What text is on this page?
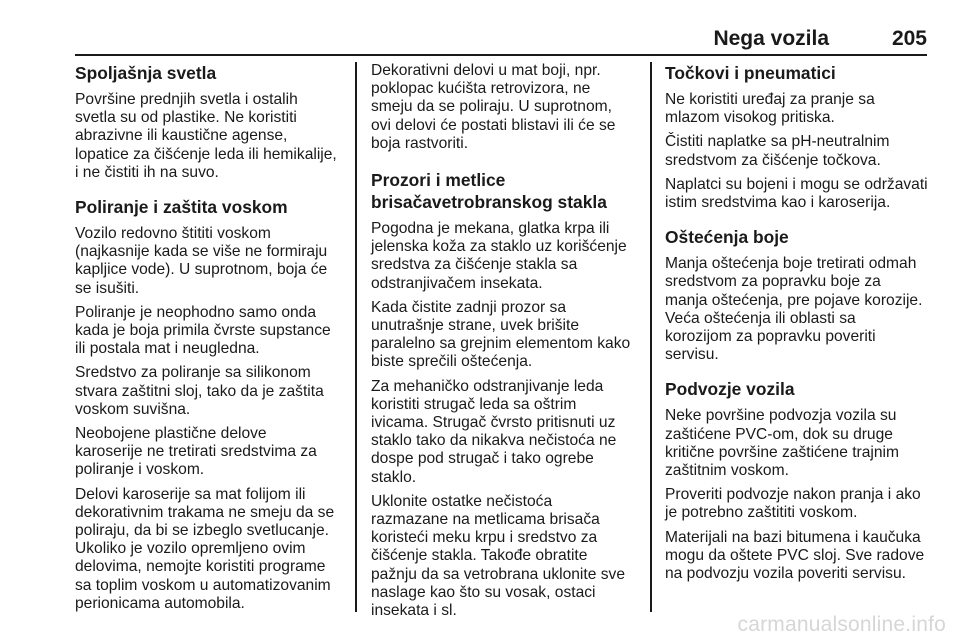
Nega vozila	205
Spoljašnja svetla
Površine prednjih svetla i ostalih
svetla su od plastike. Ne koristiti
abrazivne ili kaustične agense,
lopatice za čišćenje leda ili hemikalije,
i ne čistiti ih na suvo.
Poliranje i zaštita voskom
Vozilo redovno štititi voskom
(najkasnije kada se više ne formiraju
kapljice vode). U suprotnom, boja će
se isušiti.
Poliranje je neophodno samo onda
kada je boja primila čvrste supstance
ili postala mat i neugledna.
Sredstvo za poliranje sa silikonom
stvara zaštitni sloj, tako da je zaštita
voskom suvišna.
Neobojene plastične delove
karoserije ne tretirati sredstvima za
poliranje i voskom.
Delovi karoserije sa mat folijom ili
dekorativnim trakama ne smeju da se
poliraju, da bi se izbeglo svetlucanje.
Ukoliko je vozilo opremljeno ovim
delovima, nemojte koristiti programe
sa toplim voskom u automatizovanim
perionicama automobila.
Dekorativni delovi u mat boji, npr.
poklopac kućišta retrovizora, ne
smeju da se poliraju. U suprotnom,
ovi delovi će postati blistavi ili će se
boja rastvoriti.
Prozori i metlice brisačavetrobranskog stakla
Pogodna je mekana, glatka krpa ili
jelenska koža za staklo uz korišćenje
sredstva za čišćenje stakla sa
odstranjivačem insekata.
Kada čistite zadnji prozor sa
unutrašnje strane, uvek brišite
paralelno sa grejnim elementom kako
biste sprečili oštećenja.
Za mehaničko odstranjivanje leda
koristiti strugač leda sa oštrim
ivicama. Strugač čvrsto pritisnuti uz
staklo tako da nikakva nečistoća ne
dospe pod strugač i tako ogrebe
staklo.
Uklonite ostatke nečistoća
razmazane na metlicama brisača
koristeći meku krpu i sredstvo za
čišćenje stakla. Takođe obratite
pažnju da sa vetrobrana uklonite sve
naslage kao što su vosak, ostaci
insekata i sl.
Točkovi i pneumatici
Ne koristiti uređaj za pranje sa
mlazom visokog pritiska.
Čistiti naplatke sa pH-neutralnim
sredstvom za čišćenje točkova.
Naplatci su bojeni i mogu se održavati
istim sredstvima kao i karoserija.
Oštećenja boje
Manja oštećenja boje tretirati odmah
sredstvom za popravku boje za
manja oštećenja, pre pojave korozije.
Veća oštećenja ili oblasti sa
korozijom za popravku poveriti
servisu.
Podvozje vozila
Neke površine podvozja vozila su
zaštićene PVC-om, dok su druge
kritične površine zaštićene trajnim
zaštitnim voskom.
Proveriti podvozje nakon pranja i ako
je potrebno zaštititi voskom.
Materijali na bazi bitumena i kaučuka
mogu da oštete PVC sloj. Sve radove
na podvozju vozila poveriti servisu.
carmanualsonline.info
